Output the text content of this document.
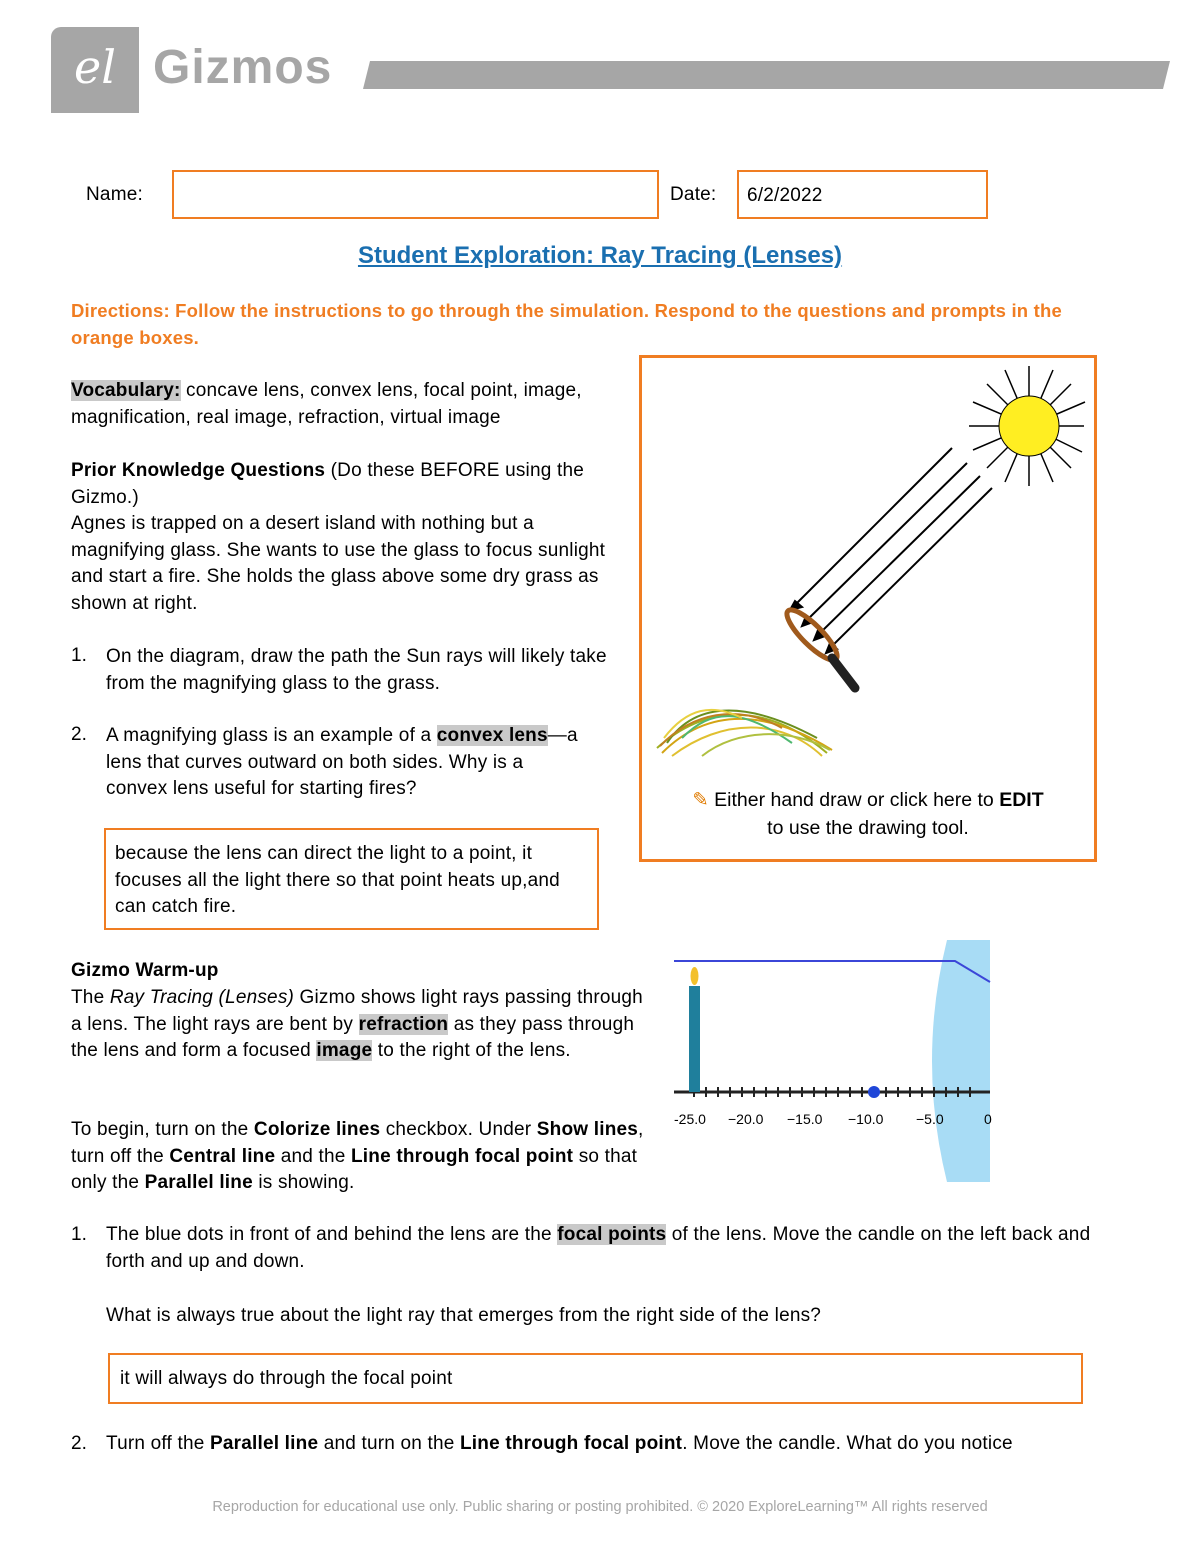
el Gizmos
Name:	Date: 6/2/2022
Student Exploration: Ray Tracing (Lenses)
Directions: Follow the instructions to go through the simulation. Respond to the questions and prompts in the orange boxes.
Vocabulary: concave lens, convex lens, focal point, image, magnification, real image, refraction, virtual image
Prior Knowledge Questions (Do these BEFORE using the Gizmo.)
Agnes is trapped on a desert island with nothing but a magnifying glass. She wants to use the glass to focus sunlight and start a fire. She holds the glass above some dry grass as shown at right.
1. On the diagram, draw the path the Sun rays will likely take from the magnifying glass to the grass.
2. A magnifying glass is an example of a convex lens—a lens that curves outward on both sides. Why is a convex lens useful for starting fires?
because the lens can direct the light to a point, it focuses all the light there so that point heats up,and can catch fire.
✎ Either hand draw or click here to EDIT
to use the drawing tool.
Gizmo Warm-up
The Ray Tracing (Lenses) Gizmo shows light rays passing through a lens. The light rays are bent by refraction as they pass through the lens and form a focused image to the right of the lens.
To begin, turn on the Colorize lines checkbox. Under Show lines, turn off the Central line and the Line through focal point so that only the Parallel line is showing.
-25.0 −20.0 −15.0 −10.0 −5.0	0
1. The blue dots in front of and behind the lens are the focal points of the lens. Move the candle on the left back and forth and up and down.
What is always true about the light ray that emerges from the right side of the lens?
it will always do through the focal point
2. Turn off the Parallel line and turn on the Line through focal point. Move the candle. What do you notice
Reproduction for educational use only. Public sharing or posting prohibited. © 2020 ExploreLearning™ All rights reserved
